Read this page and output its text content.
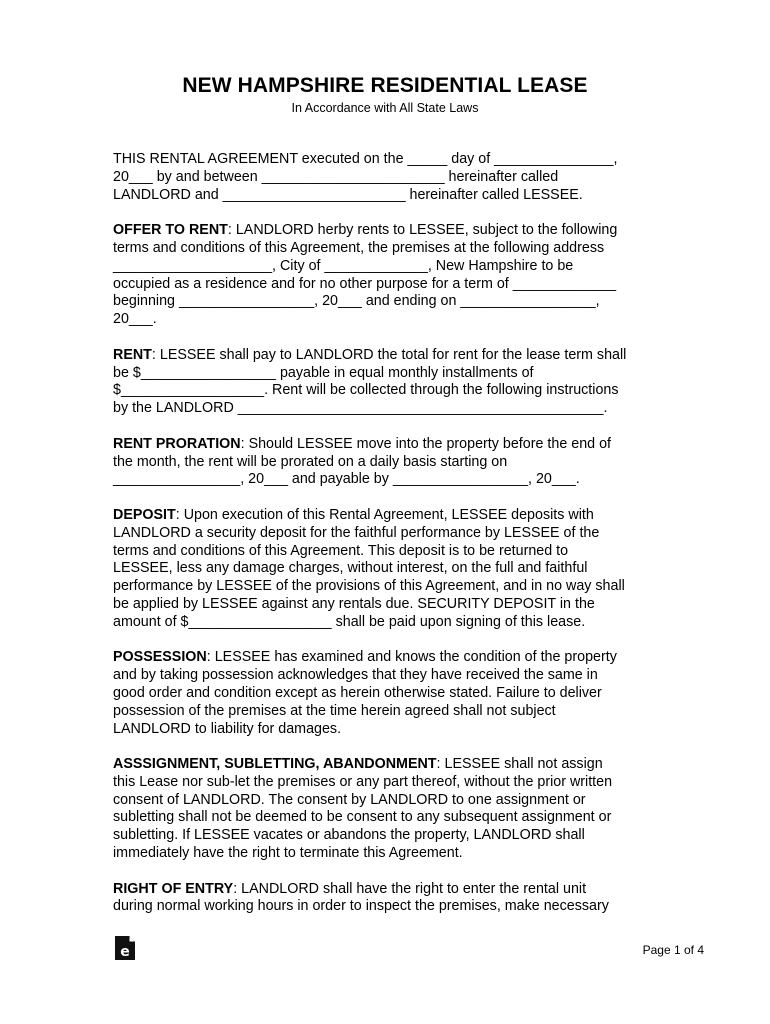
NEW HAMPSHIRE RESIDENTIAL LEASE

In Accordance with All State Laws

THIS RENTAL AGREEMENT executed on the _____ day of _______________,
20___ by and between _______________________ hereinafter called
LANDLORD and _______________________ hereinafter called LESSEE.

OFFER TO RENT: LANDLORD herby rents to LESSEE, subject to the following
terms and conditions of this Agreement, the premises at the following address
____________________, City of _____________, New Hampshire to be
occupied as a residence and for no other purpose for a term of _____________
beginning _________________, 20___ and ending on _________________,
20___.

RENT: LESSEE shall pay to LANDLORD the total for rent for the lease term shall
be $_________________ payable in equal monthly installments of
$__________________. Rent will be collected through the following instructions
by the LANDLORD ______________________________________________.

RENT PRORATION: Should LESSEE move into the property before the end of
the month, the rent will be prorated on a daily basis starting on
________________, 20___ and payable by _________________, 20___.

DEPOSIT: Upon execution of this Rental Agreement, LESSEE deposits with
LANDLORD a security deposit for the faithful performance by LESSEE of the
terms and conditions of this Agreement. This deposit is to be returned to
LESSEE, less any damage charges, without interest, on the full and faithful
performance by LESSEE of the provisions of this Agreement, and in no way shall
be applied by LESSEE against any rentals due. SECURITY DEPOSIT in the
amount of $__________________ shall be paid upon signing of this lease.

POSSESSION: LESSEE has examined and knows the condition of the property
and by taking possession acknowledges that they have received the same in
good order and condition except as herein otherwise stated. Failure to deliver
possession of the premises at the time herein agreed shall not subject
LANDLORD to liability for damages.

ASSSIGNMENT, SUBLETTING, ABANDONMENT: LESSEE shall not assign
this Lease nor sub-let the premises or any part thereof, without the prior written
consent of LANDLORD. The consent by LANDLORD to one assignment or
subletting shall not be deemed to be consent to any subsequent assignment or
subletting. If LESSEE vacates or abandons the property, LANDLORD shall
immediately have the right to terminate this Agreement.

RIGHT OF ENTRY: LANDLORD shall have the right to enter the rental unit
during normal working hours in order to inspect the premises, make necessary

e	Page 1 of 4
